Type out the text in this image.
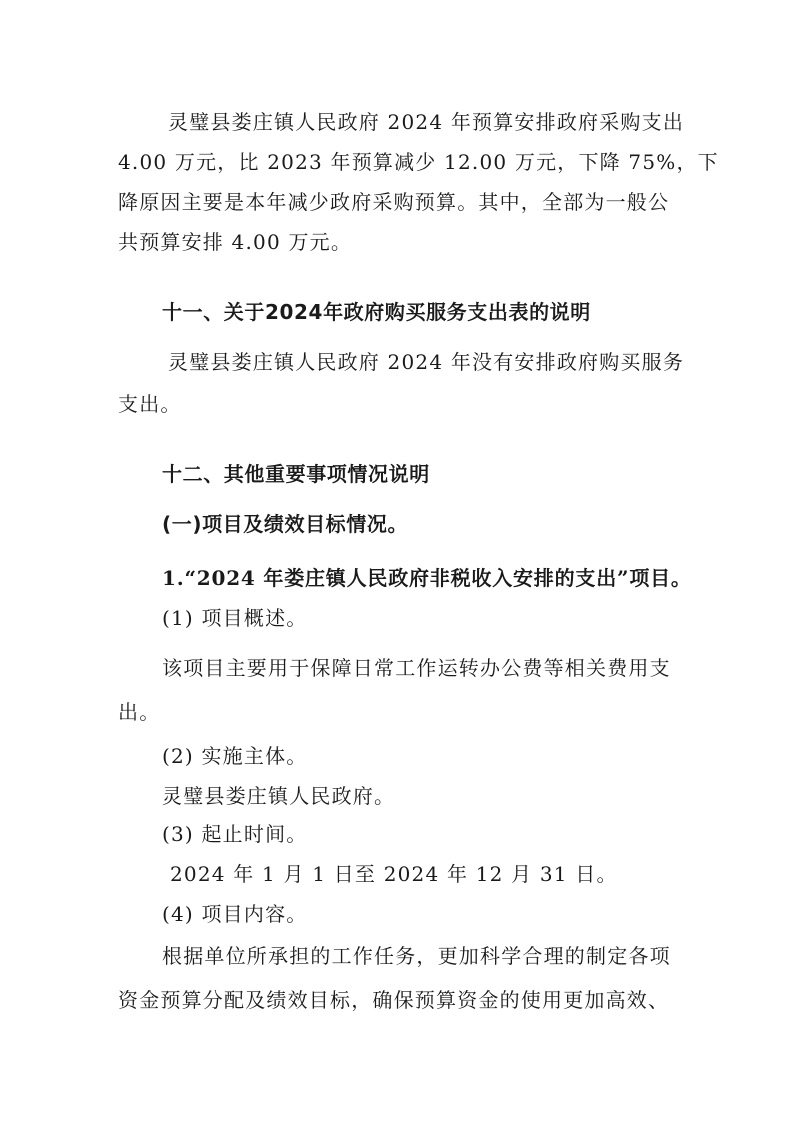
灵璧县娄庄镇人民政府 2024 年预算安排政府采购支出
4.00 万元，比 2023 年预算减少 12.00 万元，下降 75%，下
降原因主要是本年减少政府采购预算。其中，全部为一般公
共预算安排 4.00 万元。
十一、关于2024年政府购买服务支出表的说明
灵璧县娄庄镇人民政府 2024 年没有安排政府购买服务
支出。
十二、其他重要事项情况说明
(一)项目及绩效目标情况。
1.“2024 年娄庄镇人民政府非税收入安排的支出”项目。
(1) 项目概述。
该项目主要用于保障日常工作运转办公费等相关费用支
出。
(2) 实施主体。
灵璧县娄庄镇人民政府。
(3) 起止时间。
2024 年 1 月 1 日至 2024 年 12 月 31 日。
(4) 项目内容。
根据单位所承担的工作任务，更加科学合理的制定各项
资金预算分配及绩效目标，确保预算资金的使用更加高效、
